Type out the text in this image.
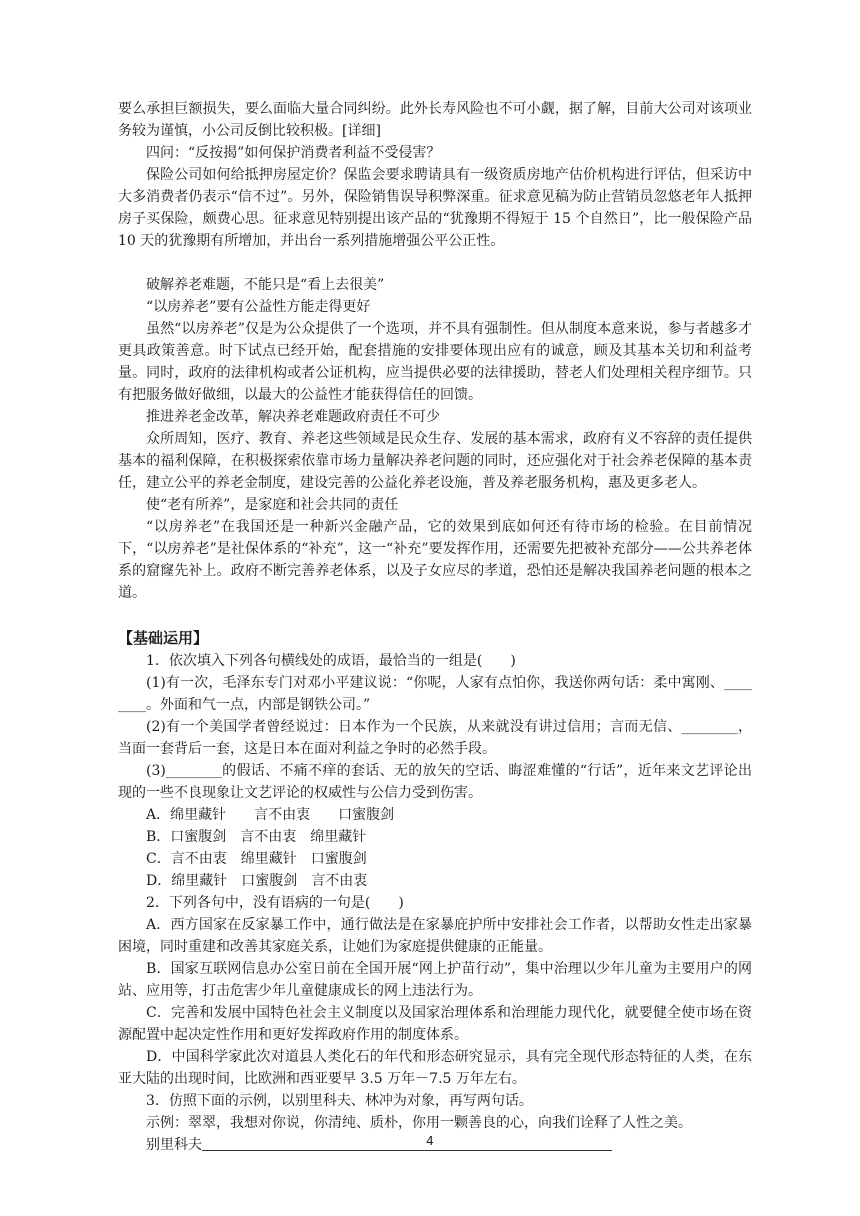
要么承担巨额损失，要么面临大量合同纠纷。此外长寿风险也不可小觑，据了解，目前大公司对该项业务较为谨慎，小公司反倒比较积极。[详细]

四问：“反按揭”如何保护消费者利益不受侵害？

保险公司如何给抵押房屋定价？保监会要求聘请具有一级资质房地产估价机构进行评估，但采访中大多消费者仍表示“信不过”。另外，保险销售误导积弊深重。征求意见稿为防止营销员忽悠老年人抵押房子买保险，颇费心思。征求意见特别提出该产品的“犹豫期不得短于 15 个自然日”，比一般保险产品 10 天的犹豫期有所增加，并出台一系列措施增强公平公正性。

破解养老难题，不能只是“看上去很美”

“以房养老”要有公益性方能走得更好

虽然“以房养老”仅是为公众提供了一个选项，并不具有强制性。但从制度本意来说，参与者越多才更具政策善意。时下试点已经开始，配套措施的安排要体现出应有的诚意，顾及其基本关切和利益考量。同时，政府的法律机构或者公证机构，应当提供必要的法律援助，替老人们处理相关程序细节。只有把服务做好做细，以最大的公益性才能获得信任的回馈。

推进养老金改革，解决养老难题政府责任不可少

众所周知，医疗、教育、养老这些领域是民众生存、发展的基本需求，政府有义不容辞的责任提供基本的福利保障，在积极探索依靠市场力量解决养老问题的同时，还应强化对于社会养老保障的基本责任，建立公平的养老金制度，建设完善的公益化养老设施，普及养老服务机构，惠及更多老人。

使“老有所养”，是家庭和社会共同的责任

“以房养老”在我国还是一种新兴金融产品，它的效果到底如何还有待市场的检验。在目前情况下，“以房养老”是社保体系的“补充”，这一“补充”要发挥作用，还需要先把被补充部分——公共养老体系的窟窿先补上。政府不断完善养老体系，以及子女应尽的孝道，恐怕还是解决我国养老问题的根本之道。

【基础运用】

1．依次填入下列各句横线处的成语，最恰当的一组是(　　)

(1)有一次，毛泽东专门对邓小平建议说：“你呢，人家有点怕你，我送你两句话：柔中寓刚、________。外面和气一点，内部是钢铁公司。”

(2)有一个美国学者曾经说过：日本作为一个民族，从来就没有讲过信用；言而无信、________，当面一套背后一套，这是日本在面对利益之争时的必然手段。

(3)________的假话、不痛不痒的套话、无的放矢的空话、晦涩难懂的“行话”，近年来文艺评论出现的一些不良现象让文艺评论的权威性与公信力受到伤害。

A．绵里藏针　　言不由衷　　口蜜腹剑

B．口蜜腹剑　言不由衷　绵里藏针

C．言不由衷　绵里藏针　口蜜腹剑

D．绵里藏针　口蜜腹剑　言不由衷

2．下列各句中，没有语病的一句是(　　)

A．西方国家在反家暴工作中，通行做法是在家暴庇护所中安排社会工作者，以帮助女性走出家暴困境，同时重建和改善其家庭关系，让她们为家庭提供健康的正能量。

B．国家互联网信息办公室日前在全国开展“网上护苗行动”，集中治理以少年儿童为主要用户的网站、应用等，打击危害少年儿童健康成长的网上违法行为。

C．完善和发展中国特色社会主义制度以及国家治理体系和治理能力现代化，就要健全使市场在资源配置中起决定性作用和更好发挥政府作用的制度体系。

D．中国科学家此次对道县人类化石的年代和形态研究显示，具有完全现代形态特征的人类，在东亚大陆的出现时间，比欧洲和西亚要早 3.5 万年－7.5 万年左右。

3．仿照下面的示例，以别里科夫、林冲为对象，再写两句话。

示例：翠翠，我想对你说，你清纯、质朴，你用一颗善良的心，向我们诠释了人性之美。

别里科夫	4
